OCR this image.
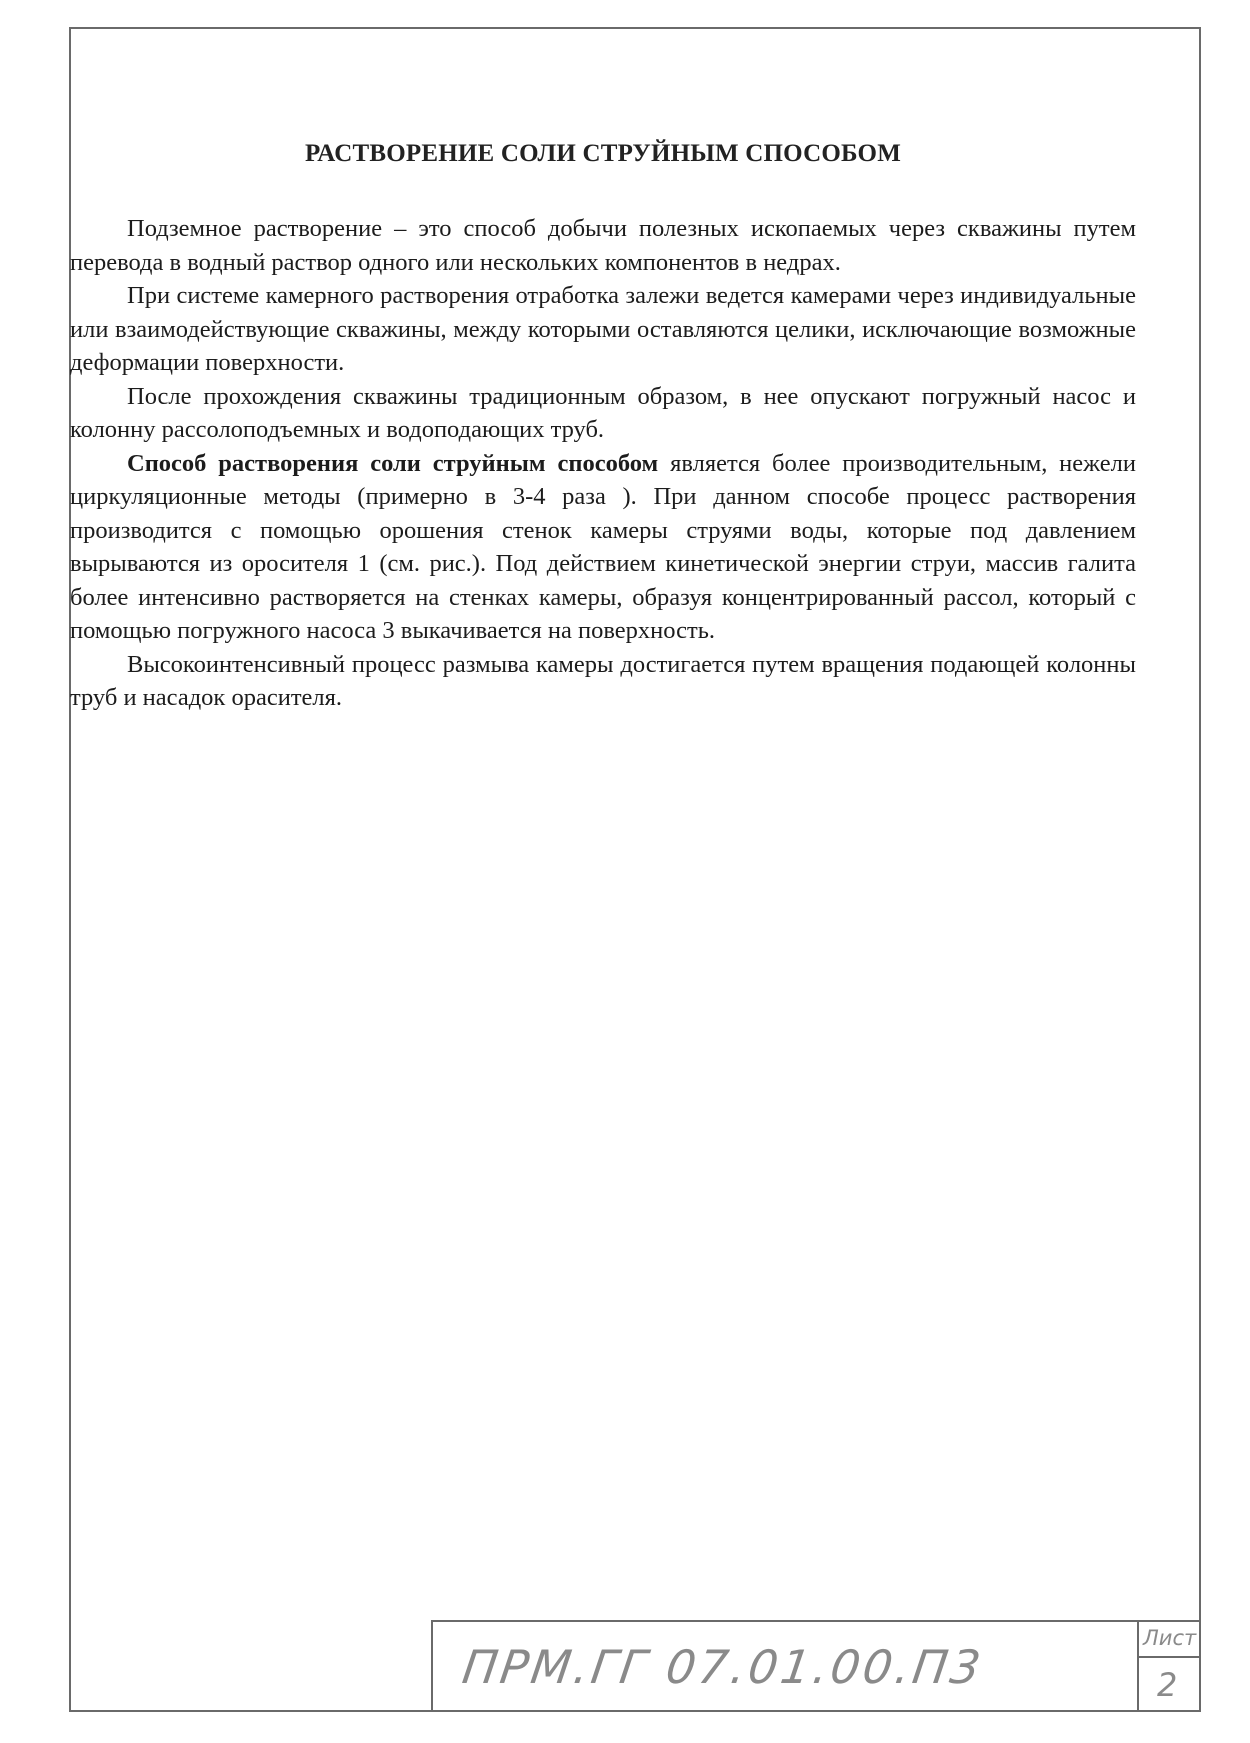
РАСТВОРЕНИЕ СОЛИ СТРУЙНЫМ СПОСОБОМ

Подземное растворение – это способ добычи полезных ископаемых через скважины путем перевода в водный раствор одного или нескольких компонентов в недрах.

При системе камерного растворения отработка залежи ведется камерами через индивидуальные или взаимодействующие скважины, между которыми оставляются целики, исключающие возможные деформации поверхности.

После прохождения скважины традиционным образом, в нее опускают погружный насос и колонну рассолоподъемных и водоподающих труб.

Способ растворения соли струйным способом является более производительным, нежели циркуляционные методы (примерно в 3-4 раза ). При данном способе процесс растворения производится с помощью орошения стенок камеры струями воды, которые под давлением вырываются из оросителя 1 (см. рис.). Под действием кинетической энергии струи, массив галита более интенсивно растворяется на стенках камеры, образуя концентрированный рассол, который с помощью погружного насоса 3 выкачивается на поверхность.

Высокоинтенсивный процесс размыва камеры достигается путем вращения подающей колонны труб и насадок орасителя.

ПРМ.ГГ 07.01.00.П3
Лист
2
